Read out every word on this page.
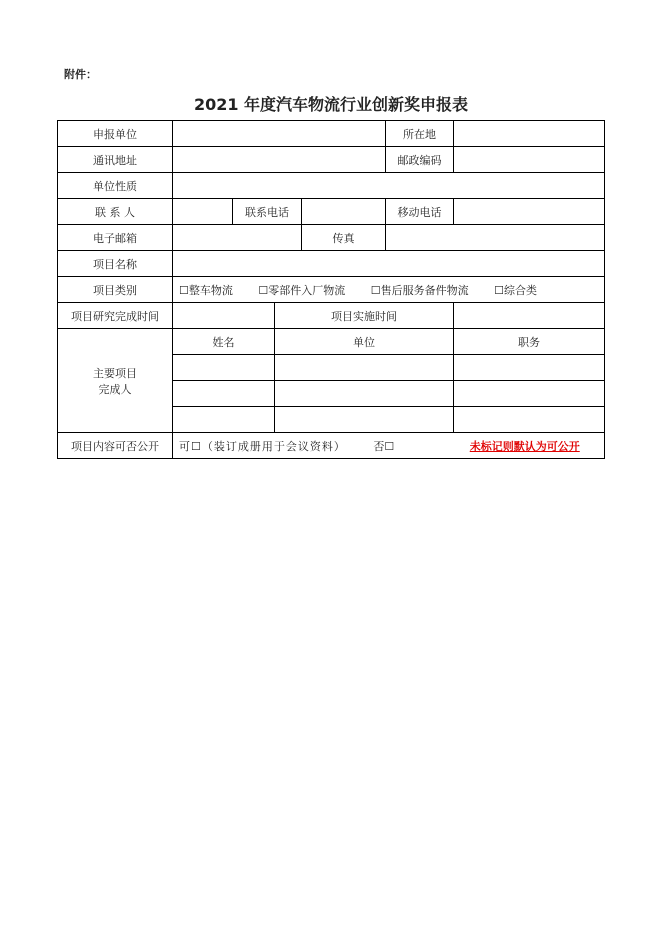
附件：
2021 年度汽车物流行业创新奖申报表
申报单位					所在地	
通讯地址					邮政编码	
单位性质						
联 系 人		联系电话			移动电话	
电子邮箱				传真		
项目名称						
项目类别	☐整车物流 ☐零部件入厂物流 ☐售后服务备件物流 ☐综合类					
项目研究完成时间			项目实施时间			

主要项目
完成人	姓名		单位			职务

项目内容可否公开	可☐（装订成册用于会议资料） 否☐ 未标记则默认为可公开					
